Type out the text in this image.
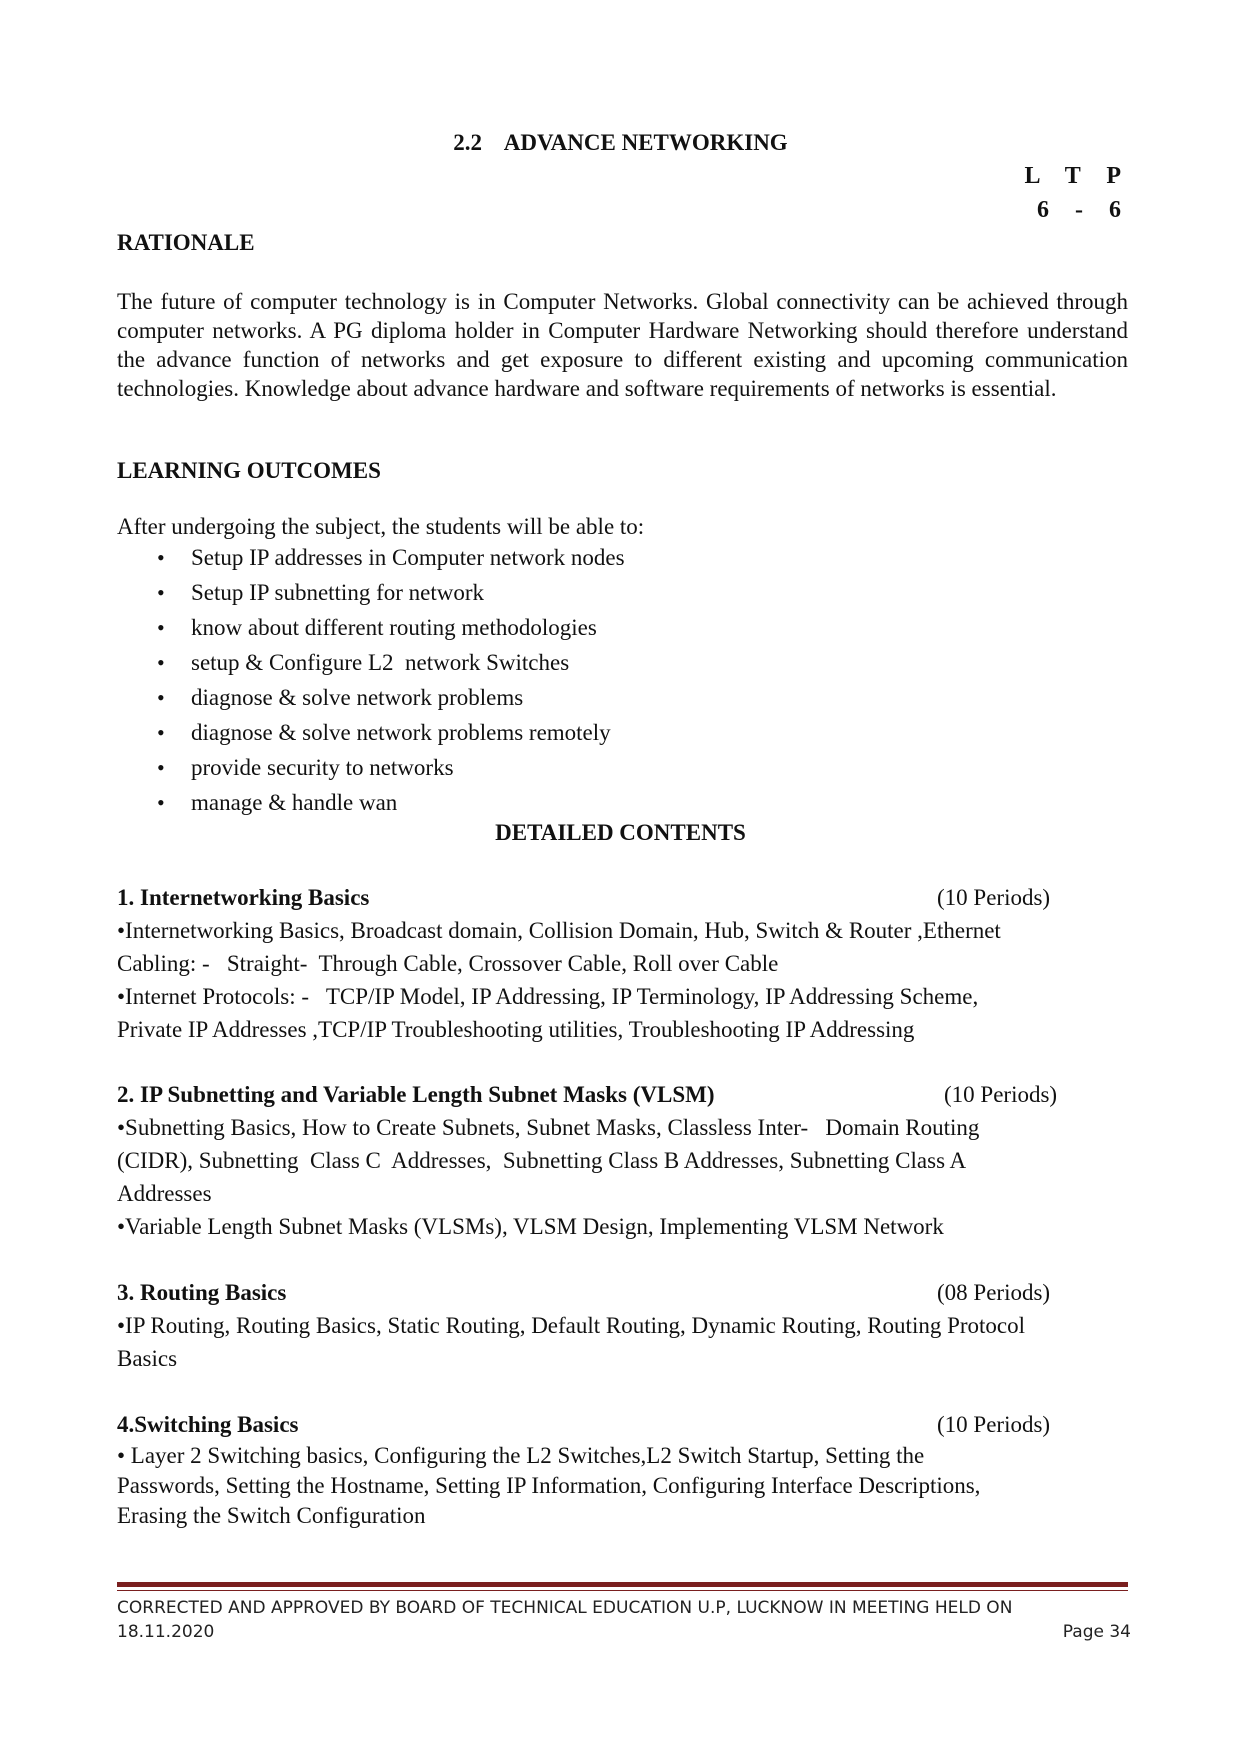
2.2    ADVANCE NETWORKING
L T P
6 - 6
RATIONALE
The future of computer technology is in Computer Networks. Global connectivity can be achieved through computer networks. A PG diploma holder in Computer Hardware Networking should therefore understand the advance function of networks and get exposure to different existing and upcoming communication technologies. Knowledge about advance hardware and software requirements of networks is essential.
LEARNING OUTCOMES
After undergoing the subject, the students will be able to:
• Setup IP addresses in Computer network nodes
• Setup IP subnetting for network
• know about different routing methodologies
• setup & Configure L2  network Switches
• diagnose & solve network problems
• diagnose & solve network problems remotely
• provide security to networks
• manage & handle wan
DETAILED CONTENTS
1. Internetworking Basics	(10 Periods)
•Internetworking Basics, Broadcast domain, Collision Domain, Hub, Switch & Router ,Ethernet
Cabling: -   Straight-  Through Cable, Crossover Cable, Roll over Cable
•Internet Protocols: -   TCP/IP Model, IP Addressing, IP Terminology, IP Addressing Scheme,
Private IP Addresses ,TCP/IP Troubleshooting utilities, Troubleshooting IP Addressing
2. IP Subnetting and Variable Length Subnet Masks (VLSM)	(10 Periods)
•Subnetting Basics, How to Create Subnets, Subnet Masks, Classless Inter-   Domain Routing
(CIDR), Subnetting  Class C  Addresses,  Subnetting Class B Addresses, Subnetting Class A
Addresses
•Variable Length Subnet Masks (VLSMs), VLSM Design, Implementing VLSM Network
3. Routing Basics	(08 Periods)
•IP Routing, Routing Basics, Static Routing, Default Routing, Dynamic Routing, Routing Protocol
Basics
4.Switching Basics	(10 Periods)
• Layer 2 Switching basics, Configuring the L2 Switches,L2 Switch Startup, Setting the
Passwords, Setting the Hostname, Setting IP Information, Configuring Interface Descriptions,
Erasing the Switch Configuration
CORRECTED AND APPROVED BY BOARD OF TECHNICAL EDUCATION U.P, LUCKNOW IN MEETING HELD ON
18.11.2020	Page 34
